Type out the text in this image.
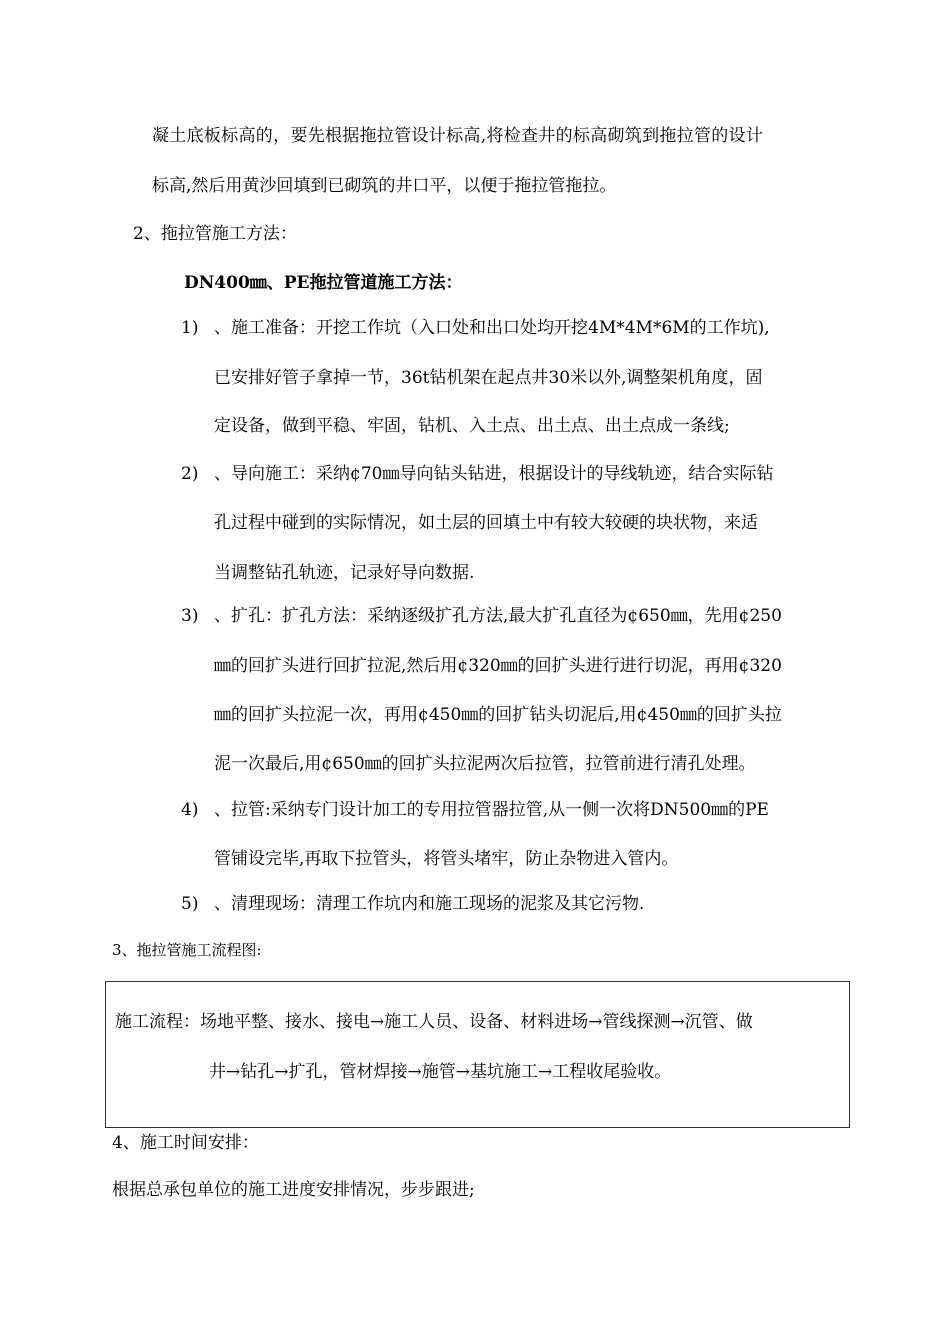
凝土底板标高的，要先根据拖拉管设计标高,将检查井的标高砌筑到拖拉管的设计
标高,然后用黄沙回填到已砌筑的井口平，以便于拖拉管拖拉。
2、拖拉管施工方法：
DN400㎜、PE拖拉管道施工方法：
1) 、施工准备：开挖工作坑（入口处和出口处均开挖4M*4M*6M的工作坑),
已安排好管子拿掉一节，36t钻机架在起点井30米以外,调整架机角度，固
定设备，做到平稳、牢固，钻机、入土点、出土点、出土点成一条线;
2) 、导向施工：采纳¢70㎜导向钻头钻进，根据设计的导线轨迹，结合实际钻
孔过程中碰到的实际情况，如土层的回填土中有较大较硬的块状物，来适
当调整钻孔轨迹，记录好导向数据.
3) 、扩孔：扩孔方法：采纳逐级扩孔方法,最大扩孔直径为¢650㎜，先用¢250
㎜的回扩头进行回扩拉泥,然后用¢320㎜的回扩头进行进行切泥，再用¢320
㎜的回扩头拉泥一次，再用¢450㎜的回扩钻头切泥后,用¢450㎜的回扩头拉
泥一次最后,用¢650㎜的回扩头拉泥两次后拉管，拉管前进行清孔处理。
4) 、拉管:采纳专门设计加工的专用拉管器拉管,从一侧一次将DN500㎜的PE
管铺设完毕,再取下拉管头，将管头堵牢，防止杂物进入管内。
5) 、清理现场：清理工作坑内和施工现场的泥浆及其它污物.
3、拖拉管施工流程图:
施工流程：场地平整、接水、接电→施工人员、设备、材料进场→管线探测→沉管、做
井→钻孔→扩孔，管材焊接→施管→基坑施工→工程收尾验收。
4、施工时间安排：
根据总承包单位的施工进度安排情况，步步跟进;
